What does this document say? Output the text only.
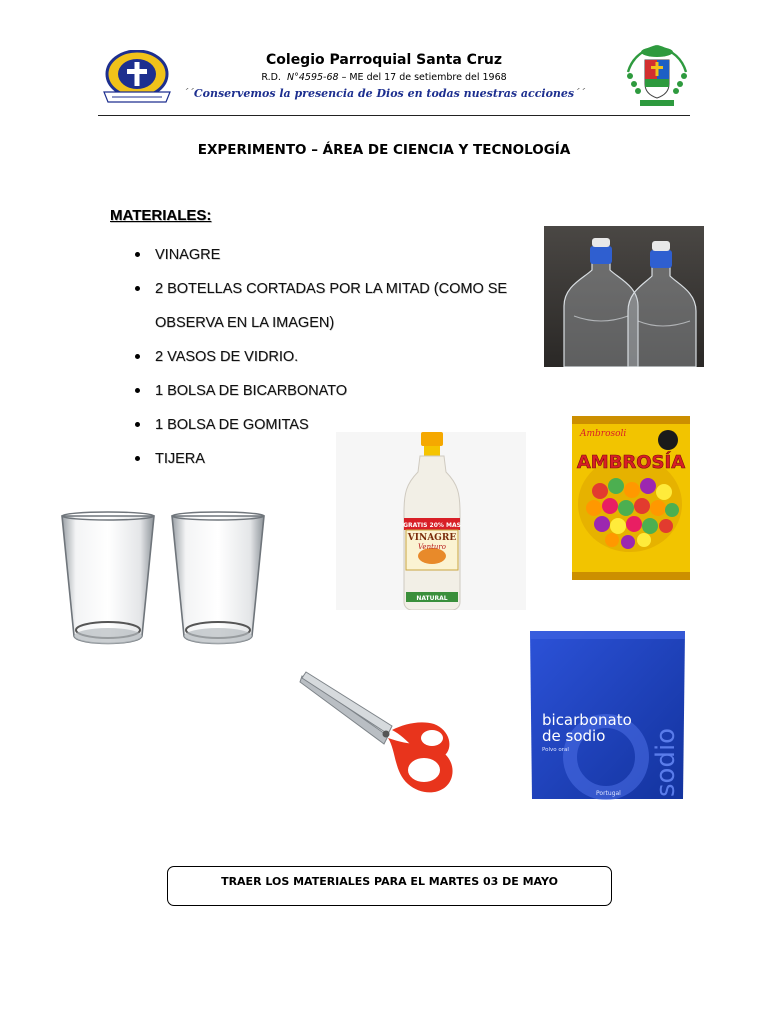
Colegio Parroquial Santa Cruz
R.D. N°4595-68 – ME del 17 de setiembre del 1968
´´Conservemos la presencia de Dios en todas nuestras acciones´´
EXPERIMENTO – ÁREA DE CIENCIA Y TECNOLOGÍA
MATERIALES:
VINAGRE
2 BOTELLAS CORTADAS POR LA MITAD (COMO SE OBSERVA EN LA IMAGEN)
2 VASOS DE VIDRIO.
1 BOLSA DE BICARBONATO
1 BOLSA DE GOMITAS
TIJERA
Ambrosoli
AMBROSÍA
GRATIS 20% MAS
VINAGRE
Venturo
NATURAL
bicarbonato
de sodio
Polvo oral	sodio
Portugal
TRAER LOS MATERIALES PARA EL MARTES 03 DE MAYO
